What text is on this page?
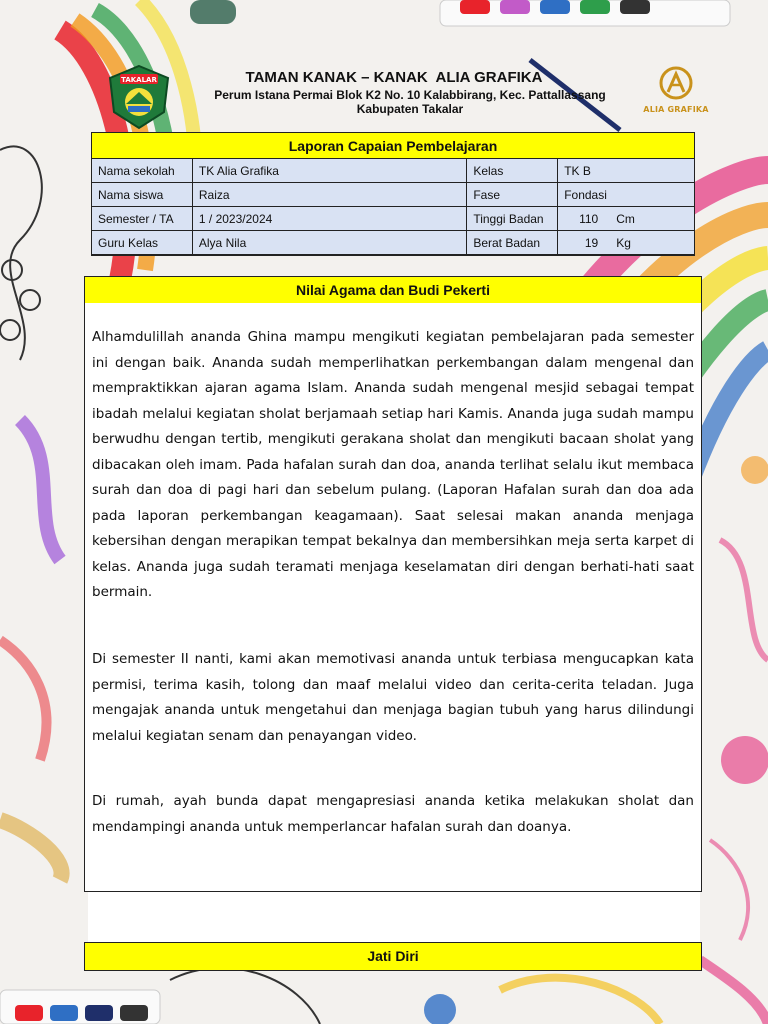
TAKALAR
ALIA GRAFIKA
TAMAN KANAK – KANAK  ALIA GRAFIKA
Perum Istana Permai Blok K2 No. 10 Kalabbirang, Kec. Pattallassang
Kabupaten Takalar
Laporan Capaian Pembelajaran			
Nama sekolah	TK Alia Grafika	Kelas	TK B
Nama siswa	Raiza	Fase	Fondasi
Semester / TA	1 / 2023/2024	Tinggi Badan	110 Cm
Guru Kelas	Alya Nila	Berat Badan	19 Kg
Nilai Agama dan Budi Pekerti

Alhamdulillah ananda Ghina mampu mengikuti kegiatan pembelajaran pada semester ini dengan baik. Ananda sudah memperlihatkan perkembangan dalam mengenal dan mempraktikkan ajaran agama Islam. Ananda sudah mengenal mesjid sebagai tempat ibadah melalui kegiatan sholat berjamaah setiap hari Kamis. Ananda juga sudah mampu berwudhu dengan tertib, mengikuti gerakana sholat dan mengikuti bacaan sholat yang dibacakan oleh imam. Pada hafalan surah dan doa, ananda terlihat selalu ikut membaca surah dan doa di pagi hari dan sebelum pulang. (Laporan Hafalan surah dan doa ada pada laporan perkembangan keagamaan). Saat selesai makan ananda menjaga kebersihan dengan merapikan tempat bekalnya dan membersihkan meja serta karpet di kelas. Ananda juga sudah teramati menjaga keselamatan diri dengan berhati-hati saat bermain.

Di semester II nanti, kami akan memotivasi ananda untuk terbiasa mengucapkan kata permisi, terima kasih, tolong dan maaf melalui video dan cerita-cerita teladan. Juga mengajak ananda untuk mengetahui dan menjaga bagian tubuh yang harus dilindungi melalui kegiatan senam dan penayangan video.

Di rumah, ayah bunda dapat mengapresiasi ananda ketika melakukan sholat dan mendampingi ananda untuk memperlancar hafalan surah dan doanya.

Jati Diri
